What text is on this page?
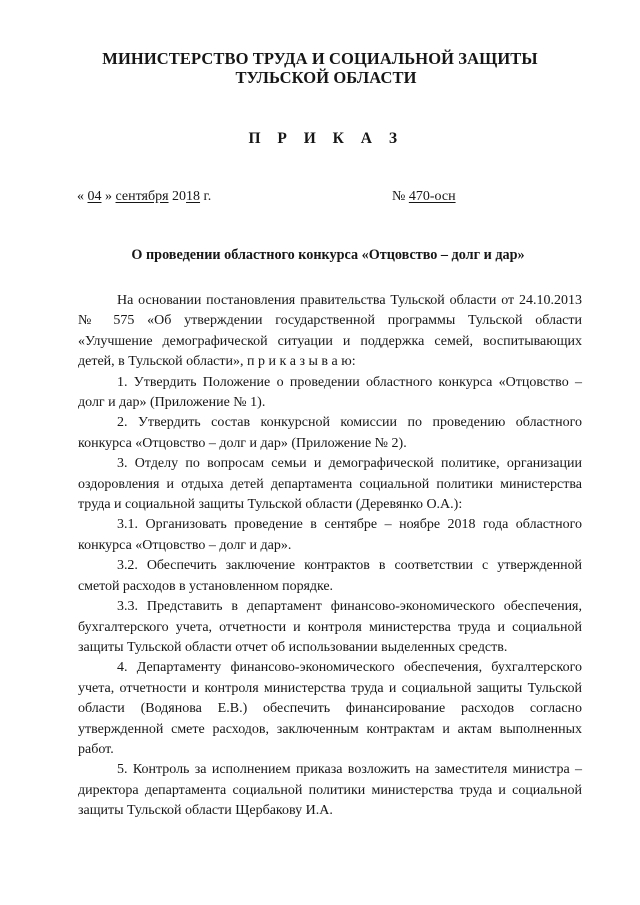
МИНИСТЕРСТВО ТРУДА И СОЦИАЛЬНОЙ ЗАЩИТЫ
ТУЛЬСКОЙ ОБЛАСТИ
П Р И К А З
« 04 » сентября 2018 г.	№ 470-осн
О проведении областного конкурса «Отцовство – долг и дар»

На основании постановления правительства Тульской области от 24.10.2013 № 575 «Об утверждении государственной программы Тульской области «Улучшение демографической ситуации и поддержка семей, воспитывающих детей, в Тульской области», п р и к а з ы в а ю:

1. Утвердить Положение о проведении областного конкурса «Отцовство – долг и дар» (Приложение № 1).

2. Утвердить состав конкурсной комиссии по проведению областного конкурса «Отцовство – долг и дар» (Приложение № 2).

3. Отделу по вопросам семьи и демографической политике, организации оздоровления и отдыха детей департамента социальной политики министерства труда и социальной защиты Тульской области (Деревянко О.А.):

3.1. Организовать проведение в сентябре – ноябре 2018 года областного конкурса «Отцовство – долг и дар».

3.2. Обеспечить заключение контрактов в соответствии с утвержденной сметой расходов в установленном порядке.

3.3. Представить в департамент финансово-экономического обеспечения, бухгалтерского учета, отчетности и контроля министерства труда и социальной защиты Тульской области отчет об использовании выделенных средств.

4. Департаменту финансово-экономического обеспечения, бухгалтерского учета, отчетности и контроля министерства труда и социальной защиты Тульской области (Водянова Е.В.) обеспечить финансирование расходов согласно утвержденной смете расходов, заключенным контрактам и актам выполненных работ.

5. Контроль за исполнением приказа возложить на заместителя министра – директора департамента социальной политики министерства труда и социальной защиты Тульской области Щербакову И.А.
